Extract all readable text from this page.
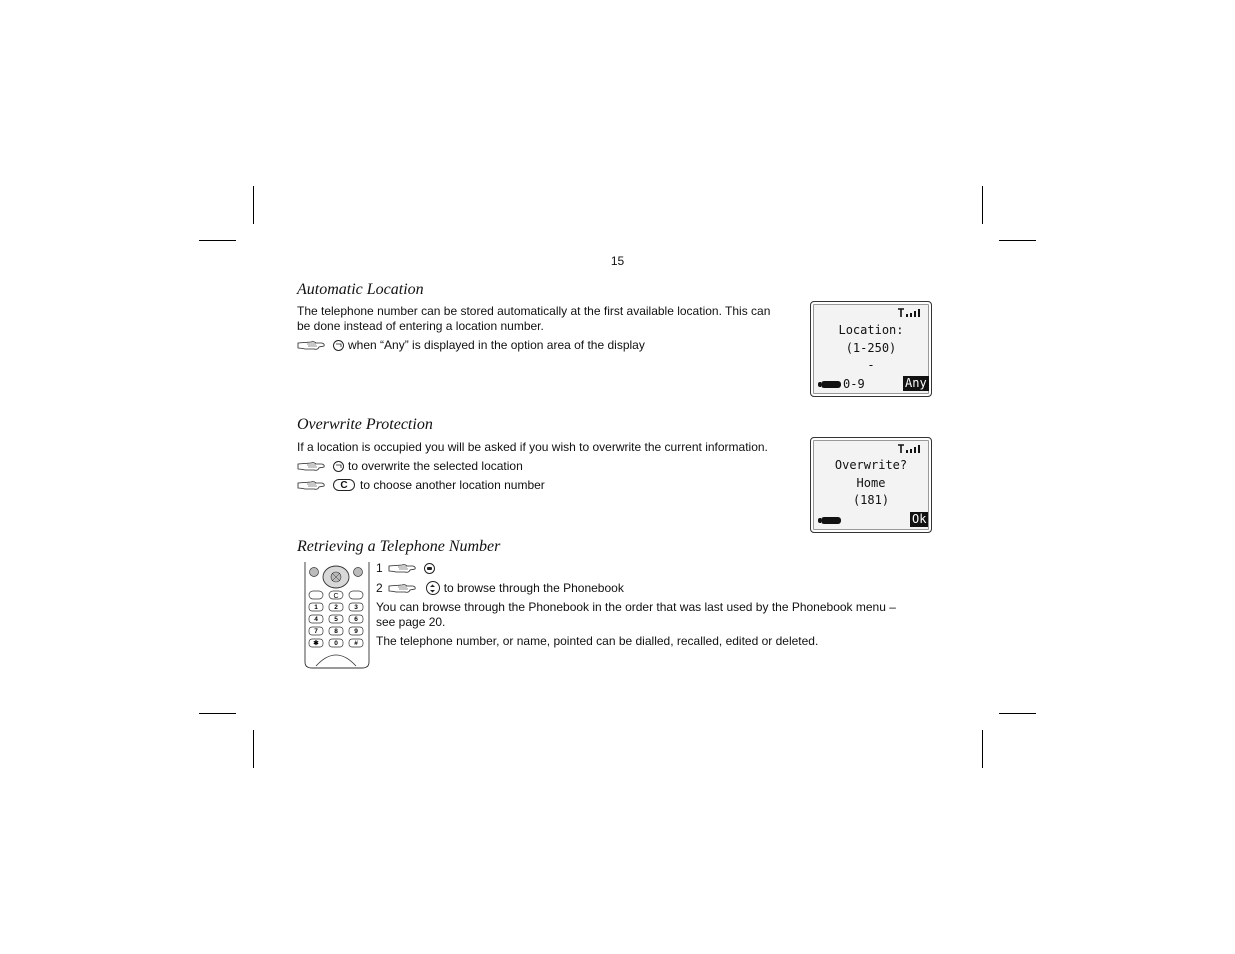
15
Automatic Location
The telephone number can be stored automatically at the first available location. This can
be done instead of entering a location number.
when “Any” is displayed in the option area of the display
Location:
(1-250)
-
0-9	Any
Overwrite Protection
If a location is occupied you will be asked if you wish to overwrite the current information.
to overwrite the selected location
C	to choose another location number
Overwrite?
Home
(181)
Ok
Retrieving a Telephone Number
C
1	2	3
4	5	6
7	8	9
✱ 0	#
1
2	to browse through the Phonebook
You can browse through the Phonebook in the order that was last used by the Phonebook menu –
see page 20.
The telephone number, or name, pointed can be dialled, recalled, edited or deleted.
